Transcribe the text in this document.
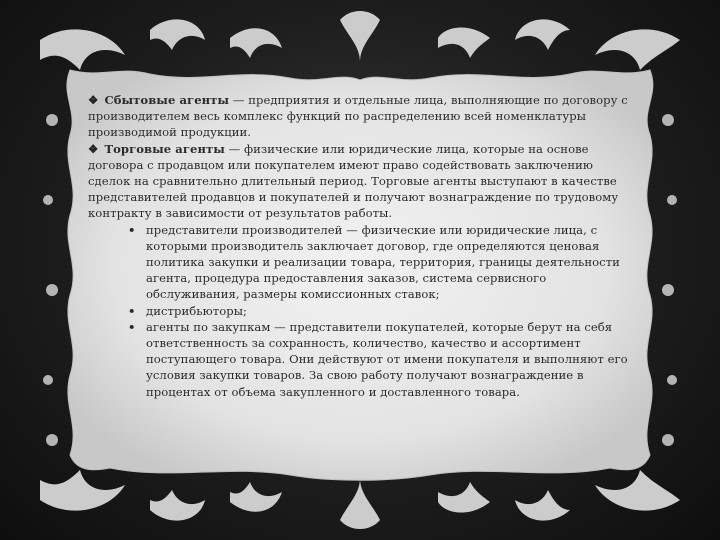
❖ Сбытовые агенты — предприятия и отдельные лица, выполняющие по договору с производителем весь комплекс функций по распределению всей номенклатуры производимой продукции.

❖ Торговые агенты — физические или юридические лица, которые на основе договора с продавцом или покупателем имеют право содействовать заключению сделок на сравнительно длительный период. Торговые агенты выступают в качестве представителей продавцов и покупателей и получают вознаграждение по трудовому контракту в зависимости от результатов работы.

• представители производителей — физические или юридические лица, с которыми производитель заключает договор, где определяются ценовая политика закупки и реализации товара, территория, границы деятельности агента, процедура предоставления заказов, система сервисного обслуживания, размеры комиссионных ставок;
• дистрибьюторы;
• агенты по закупкам — представители покупателей, которые берут на себя ответственность за сохранность, количество, качество и ассортимент поступающего товара. Они действуют от имени покупателя и выполняют его условия закупки товаров. За свою работу получают вознаграждение в процентах от объема закупленного и доставленного товара.
